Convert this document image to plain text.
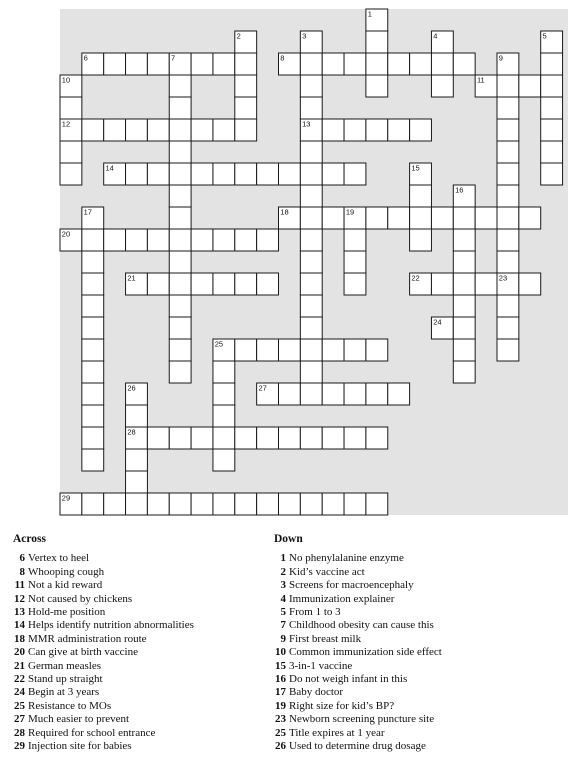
1
2	3	4	5
6	7	8	9
10	11
12	13
14	15
16
17	18	19
20
21	22	23
24
25
26	27
28
29
Across
6 Vertex to heel
8 Whooping cough
11 Not a kid reward
12 Not caused by chickens
13 Hold-me position
14 Helps identify nutrition abnormalities
18 MMR administration route
20 Can give at birth vaccine
21 German measles
22 Stand up straight
24 Begin at 3 years
25 Resistance to MOs
27 Much easier to prevent
28 Required for school entrance
29 Injection site for babies
Down
1 No phenylalanine enzyme
2 Kid’s vaccine act
3 Screens for macroencephaly
4 Immunization explainer
5 From 1 to 3
7 Childhood obesity can cause this
9 First breast milk
10 Common immunization side effect
15 3-in-1 vaccine
16 Do not weigh infant in this
17 Baby doctor
19 Right size for kid’s BP?
23 Newborn screening puncture site
25 Title expires at 1 year
26 Used to determine drug dosage
